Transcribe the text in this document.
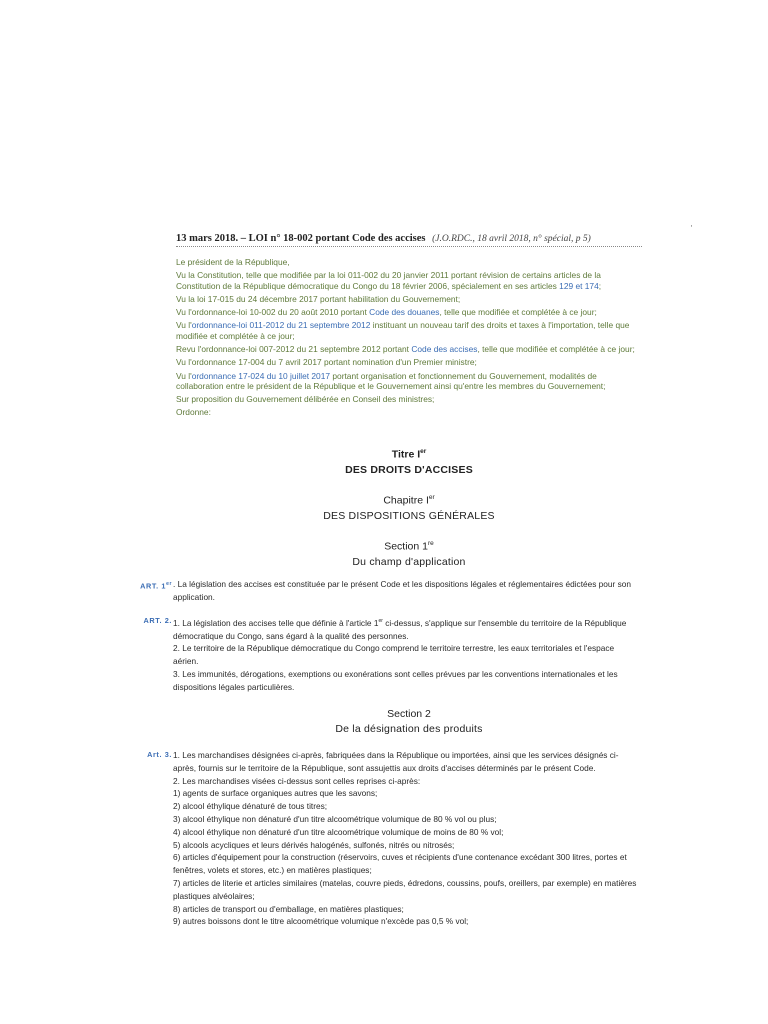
·
13 mars 2018. – LOI n° 18-002 portant Code des accises (J.O.RDC., 18 avril 2018, n° spécial, p 5)

Le président de la République,

Vu la Constitution, telle que modifiée par la loi 011-002 du 20 janvier 2011 portant révision de certains articles de la Constitution de la République démocratique du Congo du 18 février 2006, spécialement en ses articles 129 et 174;

Vu la loi 17-015 du 24 décembre 2017 portant habilitation du Gouvernement;

Vu l'ordonnance-loi 10-002 du 20 août 2010 portant Code des douanes, telle que modifiée et complétée à ce jour;

Vu l'ordonnance-loi 011-2012 du 21 septembre 2012 instituant un nouveau tarif des droits et taxes à l'importation, telle que modifiée et complétée à ce jour;

Revu l'ordonnance-loi 007-2012 du 21 septembre 2012 portant Code des accises, telle que modifiée et complétée à ce jour;

Vu l'ordonnance 17-004 du 7 avril 2017 portant nomination d'un Premier ministre;

Vu l'ordonnance 17-024 du 10 juillet 2017 portant organisation et fonctionnement du Gouvernement, modalités de collaboration entre le président de la République et le Gouvernement ainsi qu'entre les membres du Gouvernement;

Sur proposition du Gouvernement délibérée en Conseil des ministres;

Ordonne:

Titre Ier
DES DROITS D'ACCISES
Chapitre Ier
DES DISPOSITIONS GÉNÉRALES
Section 1re
Du champ d'application
ART. 1er . La législation des accises est constituée par le présent Code et les dispositions légales et réglementaires édictées pour son application.

ART. 2. 1. La législation des accises telle que définie à l'article 1er ci-dessus, s'applique sur l'ensemble du territoire de la République démocratique du Congo, sans égard à la qualité des personnes.

2. Le territoire de la République démocratique du Congo comprend le territoire terrestre, les eaux territoriales et l'espace aérien.

3. Les immunités, dérogations, exemptions ou exonérations sont celles prévues par les conventions internationales et les dispositions légales particulières.

Section 2
De la désignation des produits
Art. 3. 1. Les marchandises désignées ci-après, fabriquées dans la République ou importées, ainsi que les services désignés ci-après, fournis sur le territoire de la République, sont assujettis aux droits d'accises déterminés par le présent Code.

2. Les marchandises visées ci-dessus sont celles reprises ci-après:

1) agents de surface organiques autres que les savons;

2) alcool éthylique dénaturé de tous titres;

3) alcool éthylique non dénaturé d'un titre alcoométrique volumique de 80 % vol ou plus;

4) alcool éthylique non dénaturé d'un titre alcoométrique volumique de moins de 80 % vol;

5) alcools acycliques et leurs dérivés halogénés, sulfonés, nitrés ou nitrosés;

6) articles d'équipement pour la construction (réservoirs, cuves et récipients d'une contenance excédant 300 litres, portes et fenêtres, volets et stores, etc.) en matières plastiques;

7) articles de literie et articles similaires (matelas, couvre pieds, édredons, coussins, poufs, oreillers, par exemple) en matières plastiques alvéolaires;

8) articles de transport ou d'emballage, en matières plastiques;

9) autres boissons dont le titre alcoométrique volumique n'excède pas 0,5 % vol;
